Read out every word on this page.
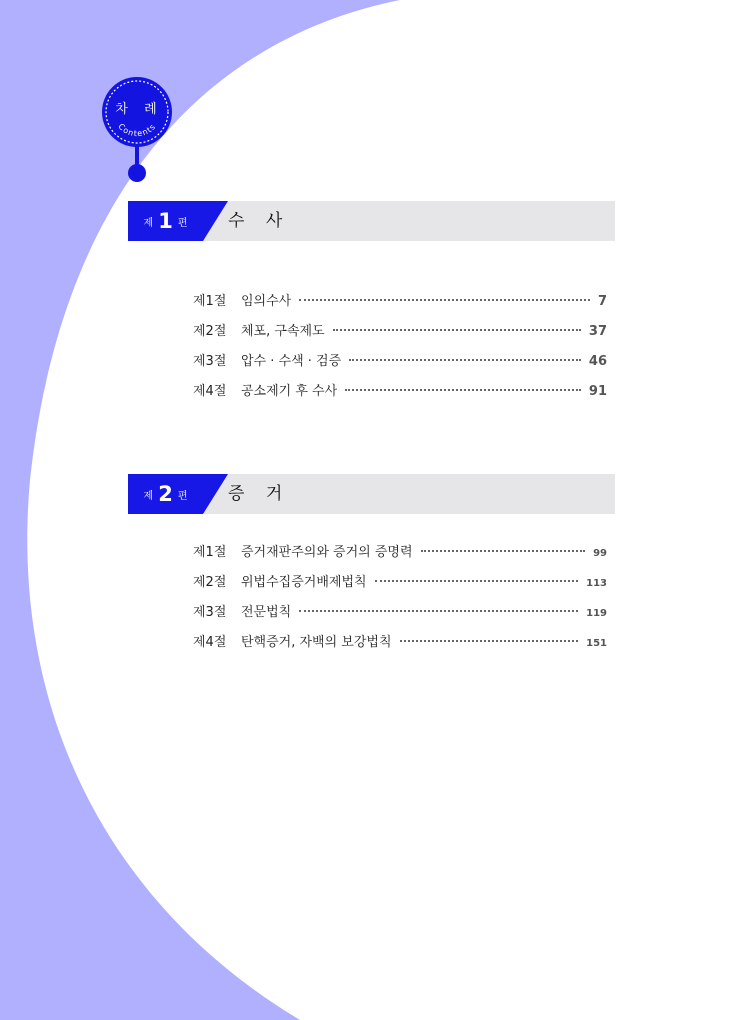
Contents
차 례
제 1 편 수 사
제1절	임의수사	7
제2절	체포, 구속제도	37
제3절	압수 · 수색 · 검증	46
제4절	공소제기 후 수사	91
제 2 편 증 거
제1절	증거재판주의와 증거의 증명력	99
제2절	위법수집증거배제법칙	113
제3절	전문법칙	119
제4절	탄핵증거, 자백의 보강법칙	151
